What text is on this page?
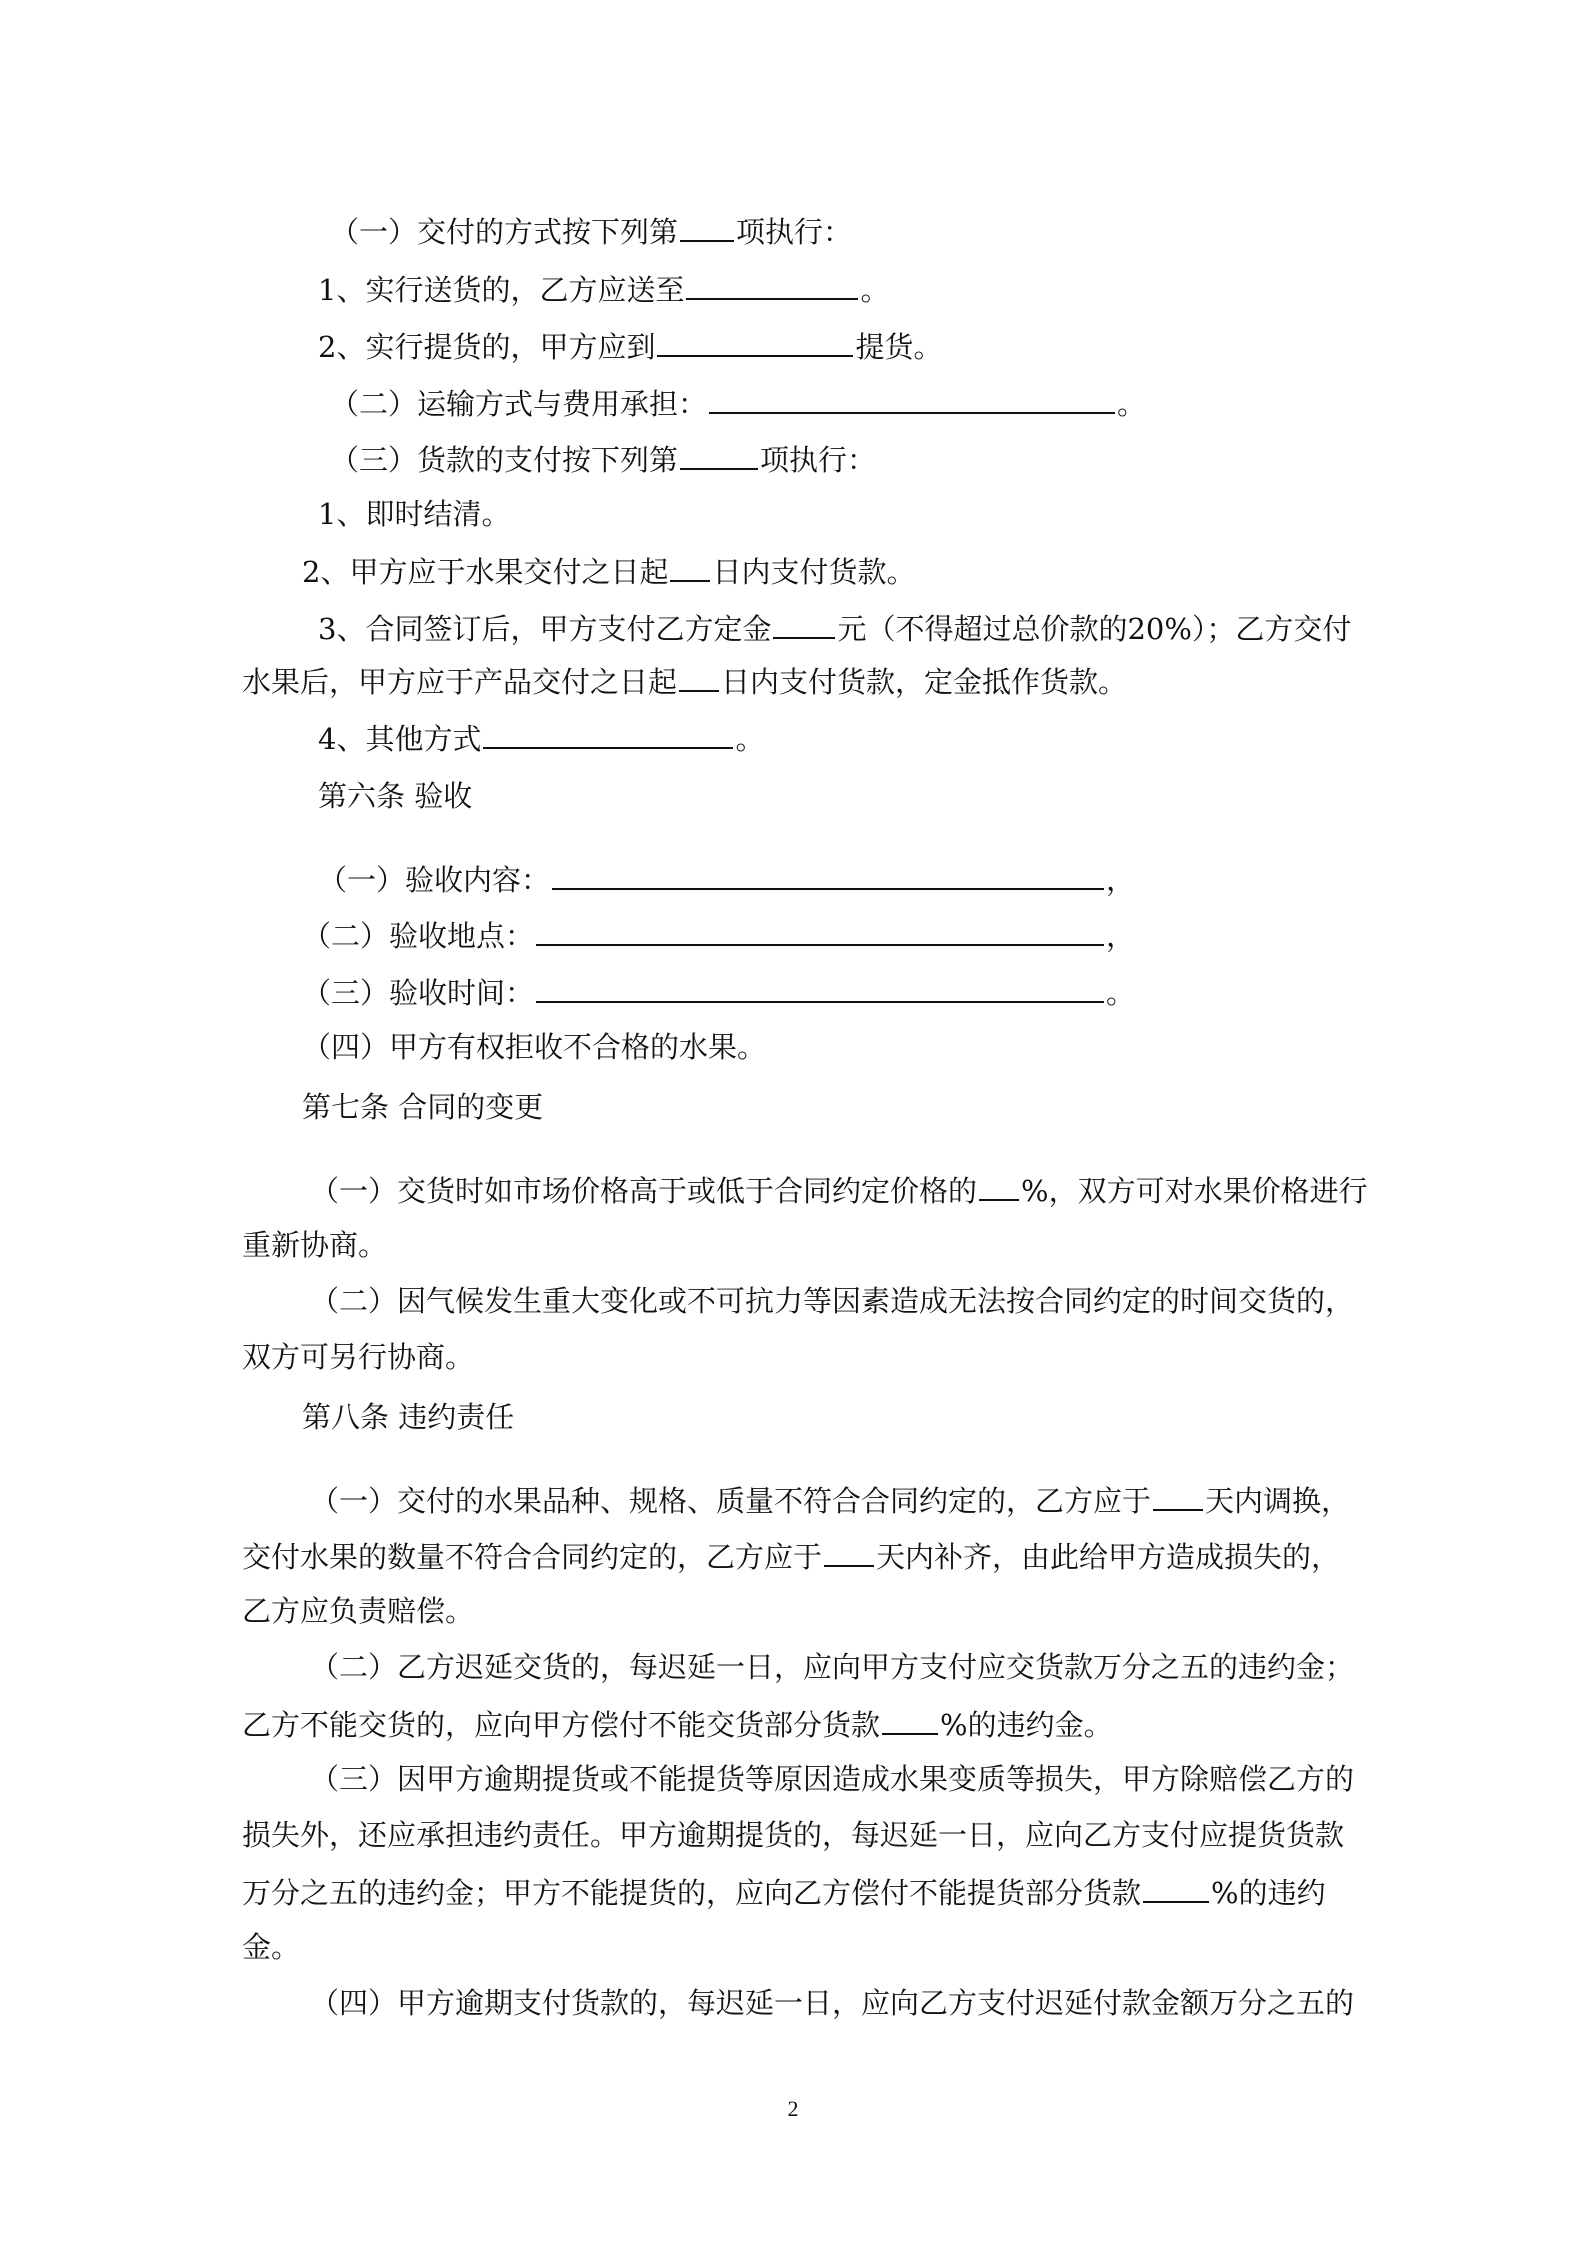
（一）交付的方式按下列第 项执行：
1、实行送货的，乙方应送至	。
2、实行提货的，甲方应到	提货。
（二）运输方式与费用承担：	。
（三）货款的支付按下列第	项执行：
1、即时结清。
2、甲方应于水果交付之日起 日内支付货款。
3、合同签订后，甲方支付乙方定金 元（不得超过总价款的20%）；乙方交付
水果后，甲方应于产品交付之日起 日内支付货款，定金抵作货款。
4、其他方式	。
第六条 验收
（一）验收内容：	，
（二）验收地点：	，
（三）验收时间：	。
（四）甲方有权拒收不合格的水果。
第七条 合同的变更
（一）交货时如市场价格高于或低于合同约定价格的 %，双方可对水果价格进行
重新协商。
（二）因气候发生重大变化或不可抗力等因素造成无法按合同约定的时间交货的，
双方可另行协商。
第八条 违约责任
（一）交付的水果品种、规格、质量不符合合同约定的，乙方应于 天内调换，
交付水果的数量不符合合同约定的，乙方应于 天内补齐，由此给甲方造成损失的，
乙方应负责赔偿。
（二）乙方迟延交货的，每迟延一日，应向甲方支付应交货款万分之五的违约金；
乙方不能交货的，应向甲方偿付不能交货部分货款 %的违约金。
（三）因甲方逾期提货或不能提货等原因造成水果变质等损失，甲方除赔偿乙方的
损失外，还应承担违约责任。甲方逾期提货的，每迟延一日，应向乙方支付应提货货款
万分之五的违约金；甲方不能提货的，应向乙方偿付不能提货部分货款 %的违约
金。
（四）甲方逾期支付货款的，每迟延一日，应向乙方支付迟延付款金额万分之五的
2
